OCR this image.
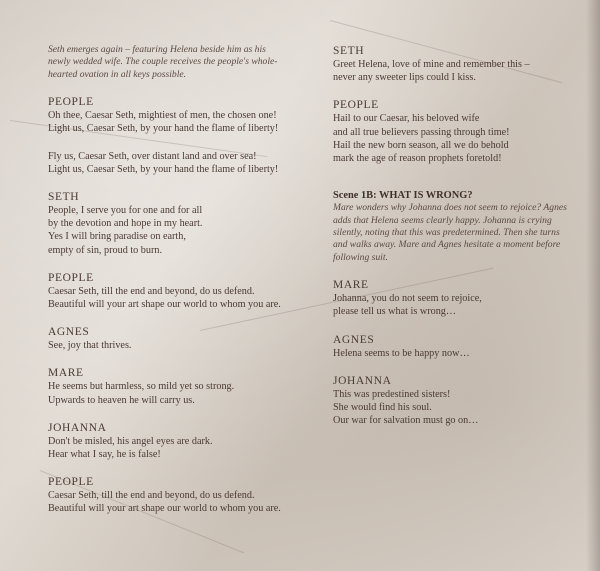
Seth emerges again – featuring Helena beside him as his
newly wedded wife. The couple receives the people's whole-
hearted ovation in all keys possible.
PEOPLE
Oh thee, Caesar Seth, mightiest of men, the chosen one!
Light us, Caesar Seth, by your hand the flame of liberty!
Fly us, Caesar Seth, over distant land and over sea!
Light us, Caesar Seth, by your hand the flame of liberty!
SETH
People, I serve you for one and for all
by the devotion and hope in my heart.
Yes I will bring paradise on earth,
empty of sin, proud to burn.
PEOPLE
Caesar Seth, till the end and beyond, do us defend.
Beautiful will your art shape our world to whom you are.
AGNES
See, joy that thrives.
MARE
He seems but harmless, so mild yet so strong.
Upwards to heaven he will carry us.
JOHANNA
Don't be misled, his angel eyes are dark.
Hear what I say, he is false!
PEOPLE
Caesar Seth, till the end and beyond, do us defend.
Beautiful will your art shape our world to whom you are.
SETH
Greet Helena, love of mine and remember this –
never any sweeter lips could I kiss.
PEOPLE
Hail to our Caesar, his beloved wife
and all true believers passing through time!
Hail the new born season, all we do behold
mark the age of reason prophets foretold!
Scene 1B: WHAT IS WRONG?
Mare wonders why Johanna does not seem to rejoice? Agnes
adds that Helena seems clearly happy. Johanna is crying
silently, noting that this was predetermined. Then she turns
and walks away. Mare and Agnes hesitate a moment before
following suit.
MARE
Johanna, you do not seem to rejoice,
please tell us what is wrong…
AGNES
Helena seems to be happy now…
JOHANNA
This was predestined sisters!
She would find his soul.
Our war for salvation must go on…
